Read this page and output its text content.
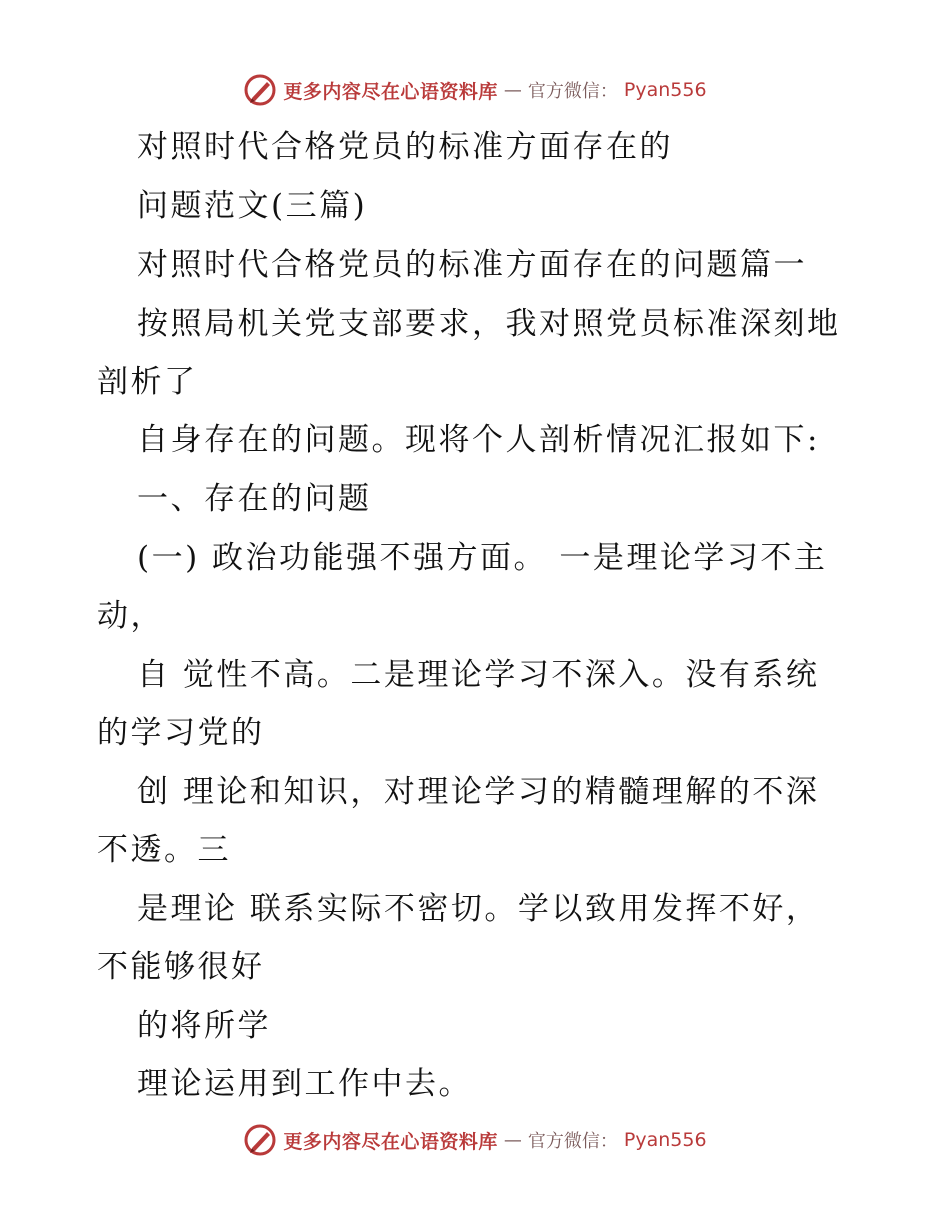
更多内容尽在心语资料库 — 官方微信： Pyan556
对照时代合格党员的标准方面存在的
问题范文(三篇)
对照时代合格党员的标准方面存在的问题篇一
按照局机关党支部要求，我对照党员标准深刻地
剖析了
自身存在的问题。现将个人剖析情况汇报如下:
一、存在的问题
(一) 政治功能强不强方面。 一是理论学习不主
动，
自 觉性不高。二是理论学习不深入。没有系统
的学习党的
创 理论和知识，对理论学习的精髓理解的不深
不透。三
是理论 联系实际不密切。学以致用发挥不好，
不能够很好
的将所学
理论运用到工作中去。
更多内容尽在心语资料库 — 官方微信： Pyan556
